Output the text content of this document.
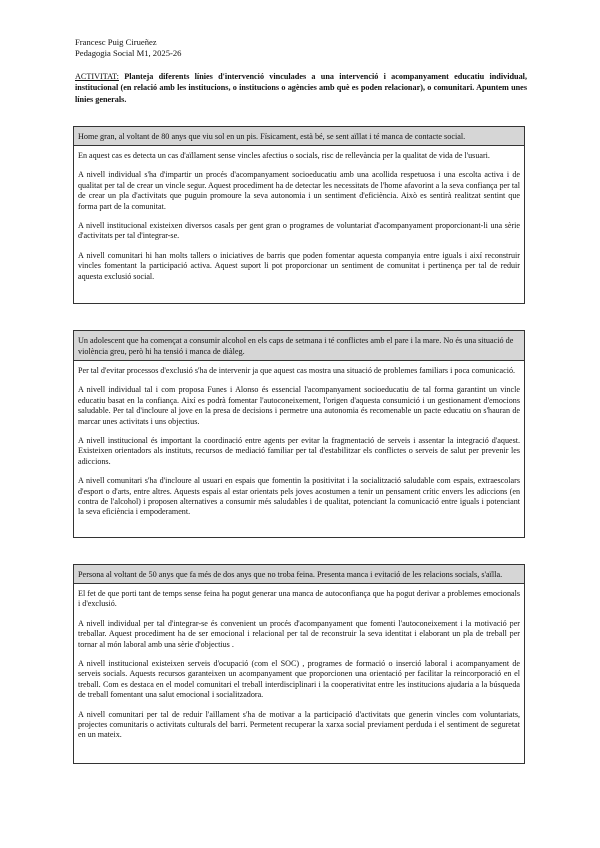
Francesc Puig Cirueñez
Pedagogia Social M1, 2025-26
ACTIVITAT: Planteja diferents línies d'intervenció vinculades a una intervenció i acompanyament educatiu individual, institucional (en relació amb les institucions, o institucions o agències amb què es poden relacionar), o comunitari. Apuntem unes línies generals.
Home gran, al voltant de 80 anys que viu sol en un pis. Físicament, està bé, se sent aïllat i té manca de contacte social.

En aquest cas es detecta un cas d'aïllament sense vincles afectius o socials, risc de rellevància per la qualitat de vida de l'usuari.

A nivell individual s'ha d'impartir un procés d'acompanyament socioeducatiu amb una acollida respetuosa i una escolta activa i de qualitat per tal de crear un vincle segur. Aquest procediment ha de detectar les necessitats de l'home afavorint a la seva confiança per tal de crear un pla d'activitats que puguin promoure la seva autonomia i un sentiment d'eficiència. Això es sentirà realitzat sentint que forma part de la comunitat.

A nivell institucional existeixen diversos casals per gent gran o programes de voluntariat d'acompanyament proporcionant-li una sèrie d'activitats per tal d'integrar-se.

A nivell comunitari hi han molts tallers o iniciatives de barris que poden fomentar aquesta companyia entre iguals i així reconstruir vincles fomentant la participació activa. Aquest suport li pot proporcionar un sentiment de comunitat i pertinença per tal de reduir aquesta exclusió social.

Un adolescent que ha començat a consumir alcohol en els caps de setmana i té conflictes amb el pare i la mare. No és una situació de violència greu, però hi ha tensió i manca de diàleg.

Per tal d'evitar processos d'exclusió s'ha de intervenir ja que aquest cas mostra una situació de problemes familiars i poca comunicació.

A nivell individual tal i com proposa Funes i Alonso és essencial l'acompanyament socioeducatiu de tal forma garantint un vincle educatiu basat en la confiança. Així es podrà fomentar l'autoconeixement, l'origen d'aquesta consumició i un gestionament d'emocions saludable. Per tal d'incloure al jove en la presa de decisions i permetre una autonomia és recomenable un pacte educatiu on s'hauran de marcar unes activitats i uns objectius.

A nivell institucional és important la coordinació entre agents per evitar la fragmentació de serveis i assentar la integració d'aquest. Existeixen orientadors als instituts, recursos de mediació familiar per tal d'estabilitzar els conflictes o serveis de salut per prevenir les adiccions.

A nivell comunitari s'ha d'incloure al usuari en espais que fomentin la positivitat i la socialització saludable com espais, extraescolars d'esport o d'arts, entre altres. Aquests espais al estar orientats pels joves acostumen a tenir un pensament crític envers les adiccions (en contra de l'alcohol) i proposen alternatives a consumir més saludables i de qualitat, potenciant la comunicació entre iguals i potenciant la seva eficiència i empoderament.

Persona al voltant de 50 anys que fa més de dos anys que no troba feina. Presenta manca i evitació de les relacions socials, s'aïlla.

El fet de que porti tant de temps sense feina ha pogut generar una manca de autoconfiança que ha pogut derivar a problemes emocionals i d'exclusió.

A nivell individual per tal d'integrar-se és convenient un procés d'acompanyament que fomenti l'autoconeixement i la motivació per treballar. Aquest procediment ha de ser emocional i relacional per tal de reconstruir la seva identitat i elaborant un pla de treball per tornar al món laboral amb una sèrie d'objectius .

A nivell institucional existeixen serveis d'ocupació (com el SOC) , programes de formació o inserció laboral i acompanyament de serveis socials. Aquests recursos garanteixen un acompanyament que proporcionen una orientació per facilitar la reincorporació en el treball. Com es destaca en el model comunitari el treball interdisciplinari i la cooperativitat entre les institucions ajudaria a la búsqueda de treball fomentant una salut emocional i socialitzadora.

A nivell comunitari per tal de reduir l'aïllament s'ha de motivar a la participació d'activitats que generin vincles com voluntariats, projectes comunitaris o activitats culturals del barri. Permetent recuperar la xarxa social previament perduda i el sentiment de seguretat en un mateix.
